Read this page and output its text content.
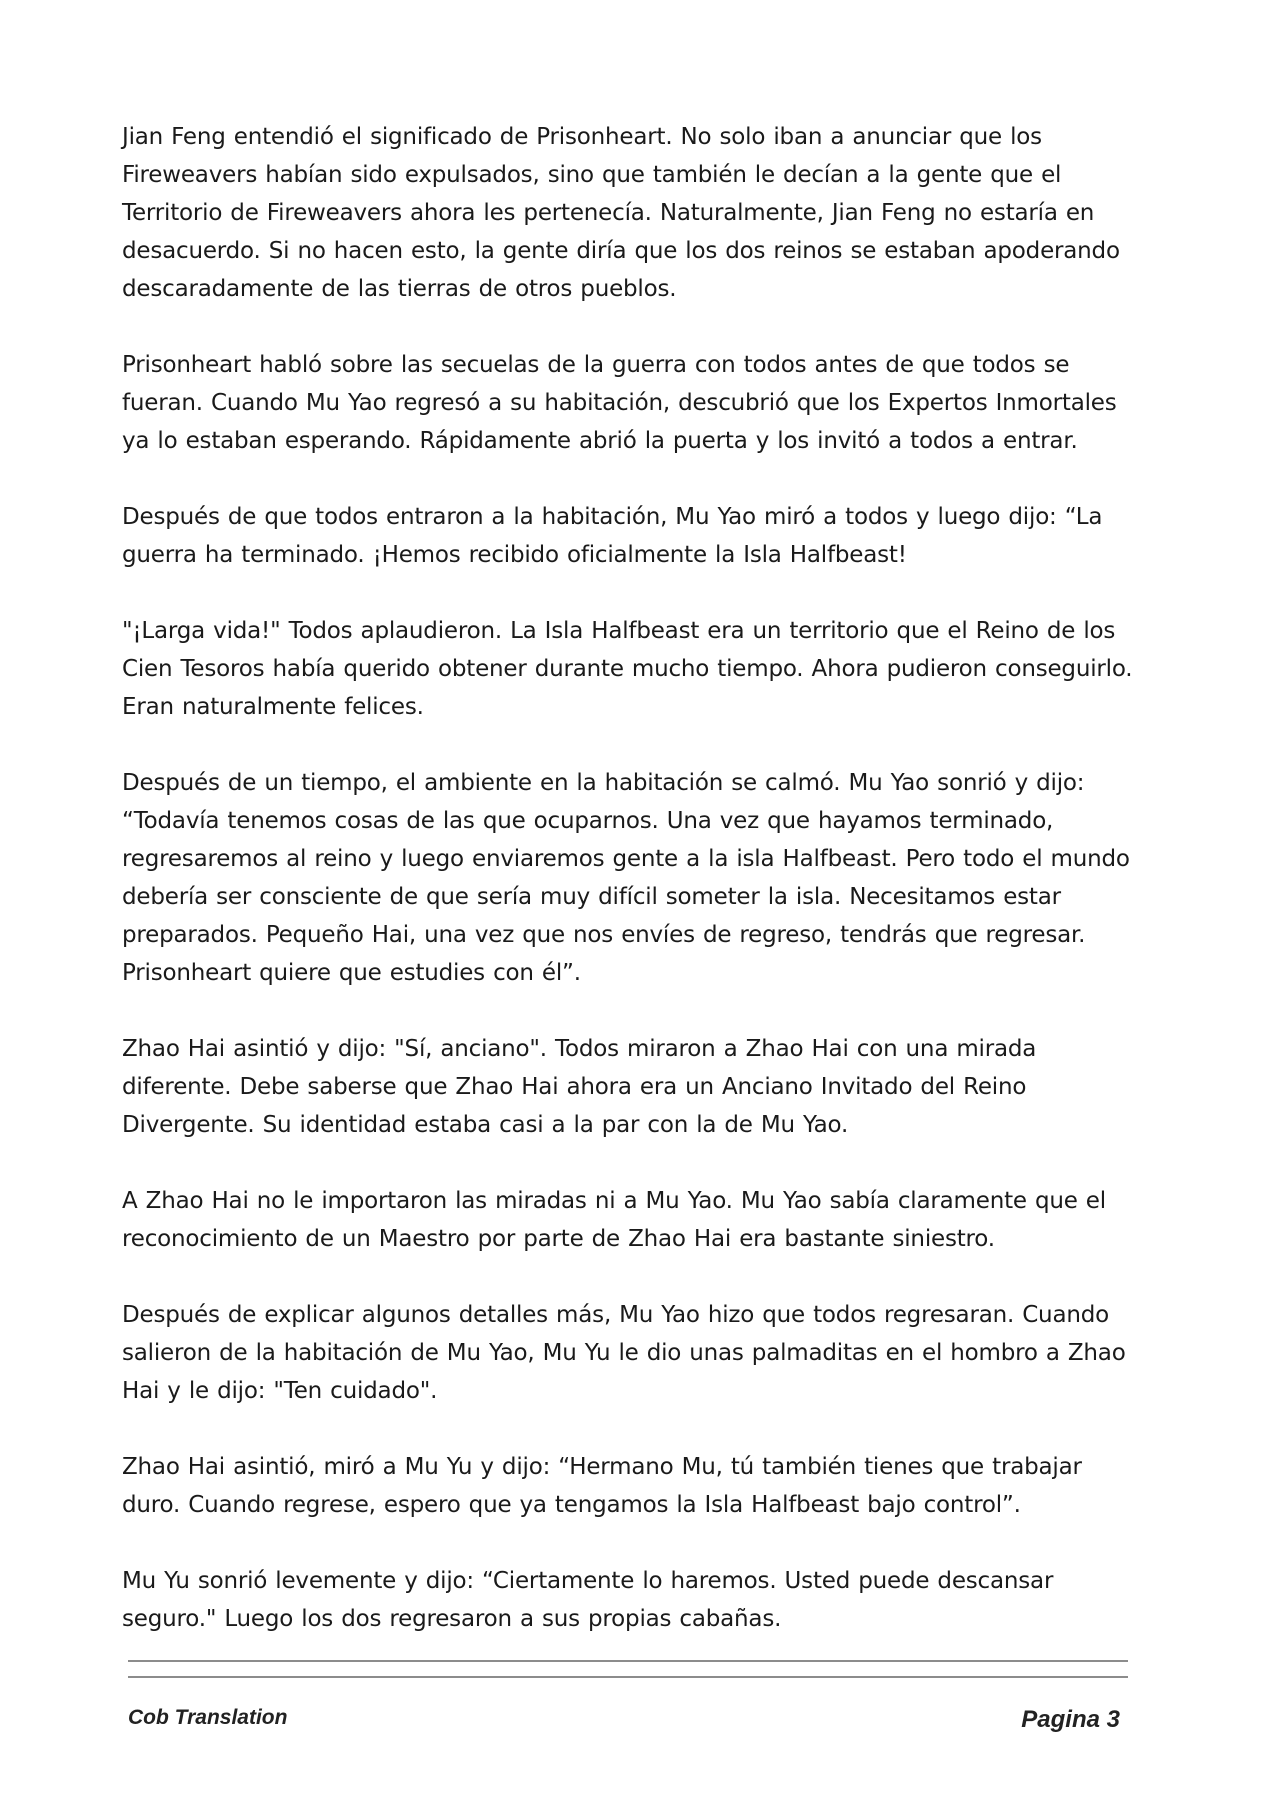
Jian Feng entendió el significado de Prisonheart. No solo iban a anunciar que los Fireweavers habían sido expulsados, sino que también le decían a la gente que el Territorio de Fireweavers ahora les pertenecía. Naturalmente, Jian Feng no estaría en desacuerdo. Si no hacen esto, la gente diría que los dos reinos se estaban apoderando descaradamente de las tierras de otros pueblos.

Prisonheart habló sobre las secuelas de la guerra con todos antes de que todos se fueran. Cuando Mu Yao regresó a su habitación, descubrió que los Expertos Inmortales ya lo estaban esperando. Rápidamente abrió la puerta y los invitó a todos a entrar.

Después de que todos entraron a la habitación, Mu Yao miró a todos y luego dijo: “La guerra ha terminado. ¡Hemos recibido oficialmente la Isla Halfbeast!

"¡Larga vida!" Todos aplaudieron. La Isla Halfbeast era un territorio que el Reino de los Cien Tesoros había querido obtener durante mucho tiempo. Ahora pudieron conseguirlo. Eran naturalmente felices.

Después de un tiempo, el ambiente en la habitación se calmó. Mu Yao sonrió y dijo: “Todavía tenemos cosas de las que ocuparnos. Una vez que hayamos terminado, regresaremos al reino y luego enviaremos gente a la isla Halfbeast. Pero todo el mundo debería ser consciente de que sería muy difícil someter la isla. Necesitamos estar preparados. Pequeño Hai, una vez que nos envíes de regreso, tendrás que regresar. Prisonheart quiere que estudies con él”.

Zhao Hai asintió y dijo: "Sí, anciano". Todos miraron a Zhao Hai con una mirada diferente. Debe saberse que Zhao Hai ahora era un Anciano Invitado del Reino Divergente. Su identidad estaba casi a la par con la de Mu Yao.

A Zhao Hai no le importaron las miradas ni a Mu Yao. Mu Yao sabía claramente que el reconocimiento de un Maestro por parte de Zhao Hai era bastante siniestro.

Después de explicar algunos detalles más, Mu Yao hizo que todos regresaran. Cuando salieron de la habitación de Mu Yao, Mu Yu le dio unas palmaditas en el hombro a Zhao Hai y le dijo: "Ten cuidado".

Zhao Hai asintió, miró a Mu Yu y dijo: “Hermano Mu, tú también tienes que trabajar duro. Cuando regrese, espero que ya tengamos la Isla Halfbeast bajo control”.

Mu Yu sonrió levemente y dijo: “Ciertamente lo haremos. Usted puede descansar seguro." Luego los dos regresaron a sus propias cabañas.

Cob Translation	Pagina 3
